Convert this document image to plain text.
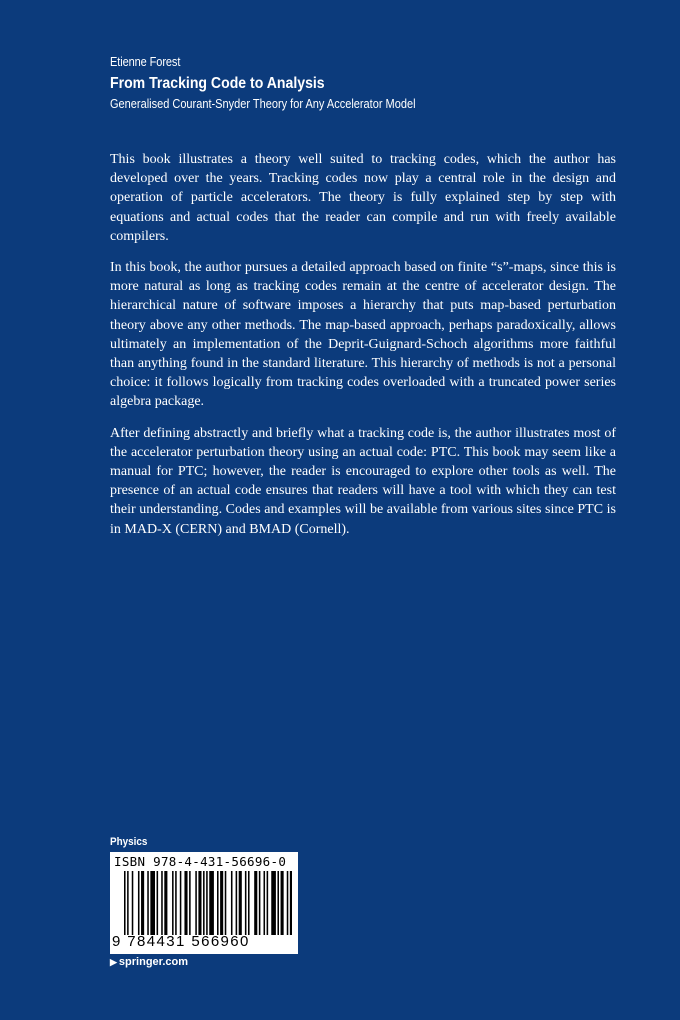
Etienne Forest
From Tracking Code to Analysis
Generalised Courant-Snyder Theory for Any Accelerator Model

This book illustrates a theory well suited to tracking codes, which the author has developed over the years. Tracking codes now play a central role in the design and operation of particle accelerators. The theory is fully explained step by step with equations and actual codes that the reader can compile and run with freely available compilers.

In this book, the author pursues a detailed approach based on finite “s”-maps, since this is more natural as long as tracking codes remain at the centre of accelerator design. The hierarchical nature of software imposes a hierarchy that puts map-based perturbation theory above any other methods. The map-based approach, perhaps paradoxically, allows ultimately an implementation of the Deprit-Guignard-Schoch algorithms more faithful than anything found in the standard literature. This hierarchy of methods is not a personal choice: it follows logically from tracking codes overloaded with a truncated power series algebra package.

After defining abstractly and briefly what a tracking code is, the author illustrates most of the accelerator perturbation theory using an actual code: PTC. This book may seem like a manual for PTC; however, the reader is encouraged to explore other tools as well. The presence of an actual code ensures that readers will have a tool with which they can test their understanding. Codes and examples will be available from various sites since PTC is in MAD-X (CERN) and BMAD (Cornell).

Physics
ISBN 978-4-431-56696-0
9 784431 566960
▶ springer.com
